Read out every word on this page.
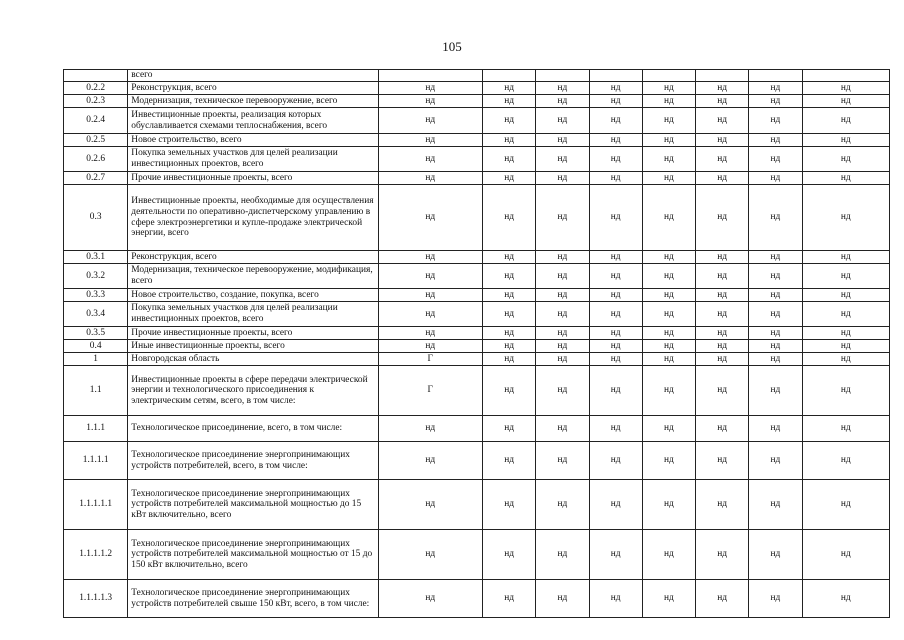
105
	всего								
0.2.2	Реконструкция, всего	нд	нд	нд	нд	нд	нд	нд	нд
0.2.3	Модернизация, техническое перевооружение, всего	нд	нд	нд	нд	нд	нд	нд	нд
0.2.4	Инвестиционные проекты, реализация которых обуславливается схемами теплоснабжения, всего	нд	нд	нд	нд	нд	нд	нд	нд
0.2.5	Новое строительство, всего	нд	нд	нд	нд	нд	нд	нд	нд
0.2.6	Покупка земельных участков для целей реализации инвестиционных проектов, всего	нд	нд	нд	нд	нд	нд	нд	нд
0.2.7	Прочие инвестиционные проекты, всего	нд	нд	нд	нд	нд	нд	нд	нд
0.3	Инвестиционные проекты, необходимые для осуществления деятельности по оперативно-диспетчерскому управлению в сфере электроэнергетики и купле-продаже электрической энергии, всего	нд	нд	нд	нд	нд	нд	нд	нд
0.3.1	Реконструкция, всего	нд	нд	нд	нд	нд	нд	нд	нд
0.3.2	Модернизация, техническое перевооружение, модификация, всего	нд	нд	нд	нд	нд	нд	нд	нд
0.3.3	Новое строительство, создание, покупка, всего	нд	нд	нд	нд	нд	нд	нд	нд
0.3.4	Покупка земельных участков для целей реализации инвестиционных проектов, всего	нд	нд	нд	нд	нд	нд	нд	нд
0.3.5	Прочие инвестиционные проекты, всего	нд	нд	нд	нд	нд	нд	нд	нд
0.4	Иные инвестиционные проекты, всего	нд	нд	нд	нд	нд	нд	нд	нд
1	Новгородская область	Г	нд	нд	нд	нд	нд	нд	нд
1.1	Инвестиционные проекты в сфере передачи электрической энергии и технологического присоединения к электрическим сетям, всего, в том числе:	Г	нд	нд	нд	нд	нд	нд	нд
1.1.1	Технологическое присоединение, всего, в том числе:	нд	нд	нд	нд	нд	нд	нд	нд
1.1.1.1	Технологическое присоединение энергопринимающих устройств потребителей, всего, в том числе:	нд	нд	нд	нд	нд	нд	нд	нд
1.1.1.1.1	Технологическое присоединение энергопринимающих устройств потребителей максимальной мощностью до 15 кВт включительно, всего	нд	нд	нд	нд	нд	нд	нд	нд
1.1.1.1.2	Технологическое присоединение энергопринимающих устройств потребителей максимальной мощностью от 15 до 150 кВт включительно, всего	нд	нд	нд	нд	нд	нд	нд	нд
1.1.1.1.3	Технологическое присоединение энергопринимающих устройств потребителей свыше 150 кВт, всего, в том числе:	нд	нд	нд	нд	нд	нд	нд	нд
